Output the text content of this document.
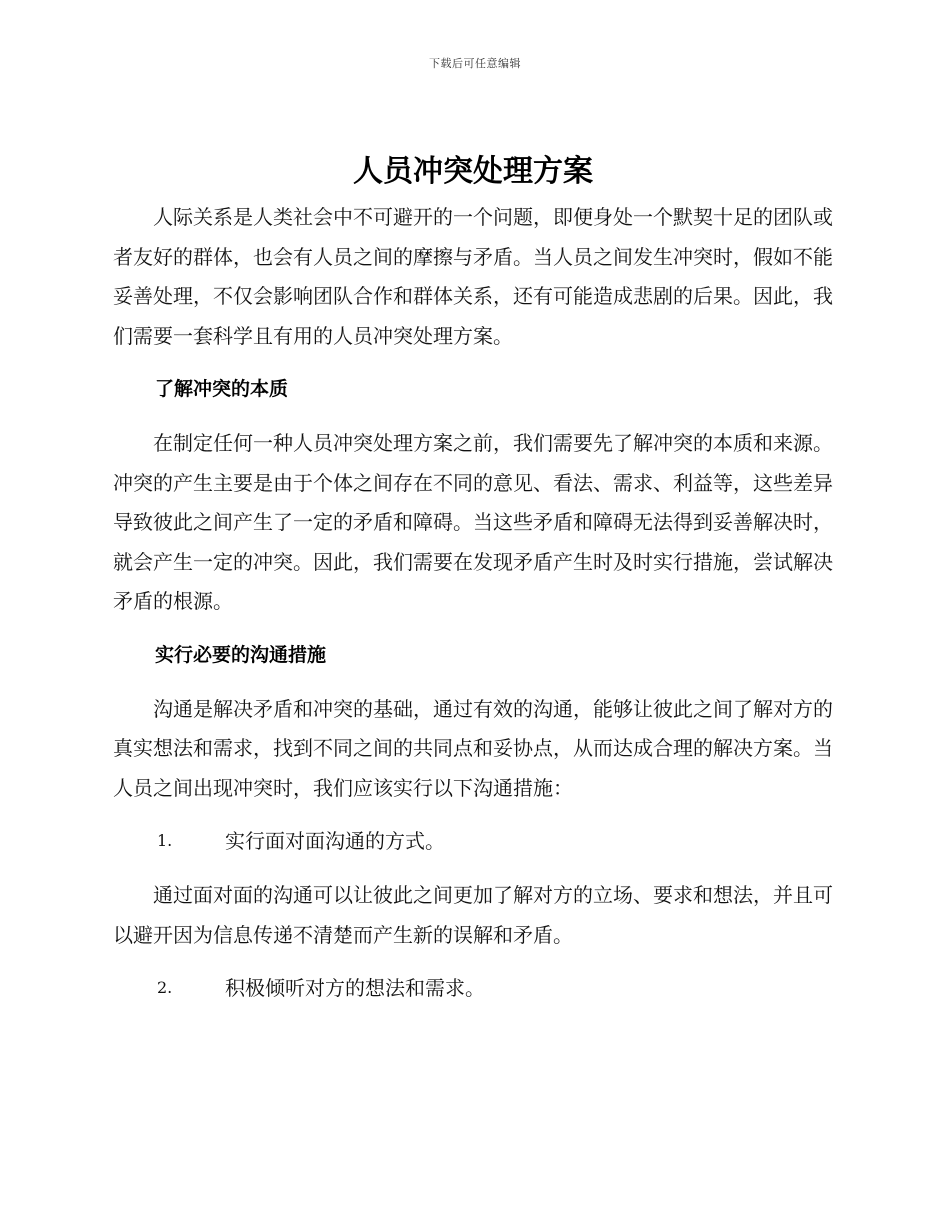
下载后可任意编辑
人员冲突处理方案

人际关系是人类社会中不可避开的一个问题，即便身处一个默契十足的团队或者友好的群体，也会有人员之间的摩擦与矛盾。当人员之间发生冲突时，假如不能妥善处理，不仅会影响团队合作和群体关系，还有可能造成悲剧的后果。因此，我们需要一套科学且有用的人员冲突处理方案。

了解冲突的本质

在制定任何一种人员冲突处理方案之前，我们需要先了解冲突的本质和来源。冲突的产生主要是由于个体之间存在不同的意见、看法、需求、利益等，这些差异导致彼此之间产生了一定的矛盾和障碍。当这些矛盾和障碍无法得到妥善解决时，就会产生一定的冲突。因此，我们需要在发现矛盾产生时及时实行措施，尝试解决矛盾的根源。

实行必要的沟通措施

沟通是解决矛盾和冲突的基础，通过有效的沟通，能够让彼此之间了解对方的真实想法和需求，找到不同之间的共同点和妥协点，从而达成合理的解决方案。当人员之间出现冲突时，我们应该实行以下沟通措施：

1.	实行面对面沟通的方式。

通过面对面的沟通可以让彼此之间更加了解对方的立场、要求和想法，并且可以避开因为信息传递不清楚而产生新的误解和矛盾。

2.	积极倾听对方的想法和需求。
